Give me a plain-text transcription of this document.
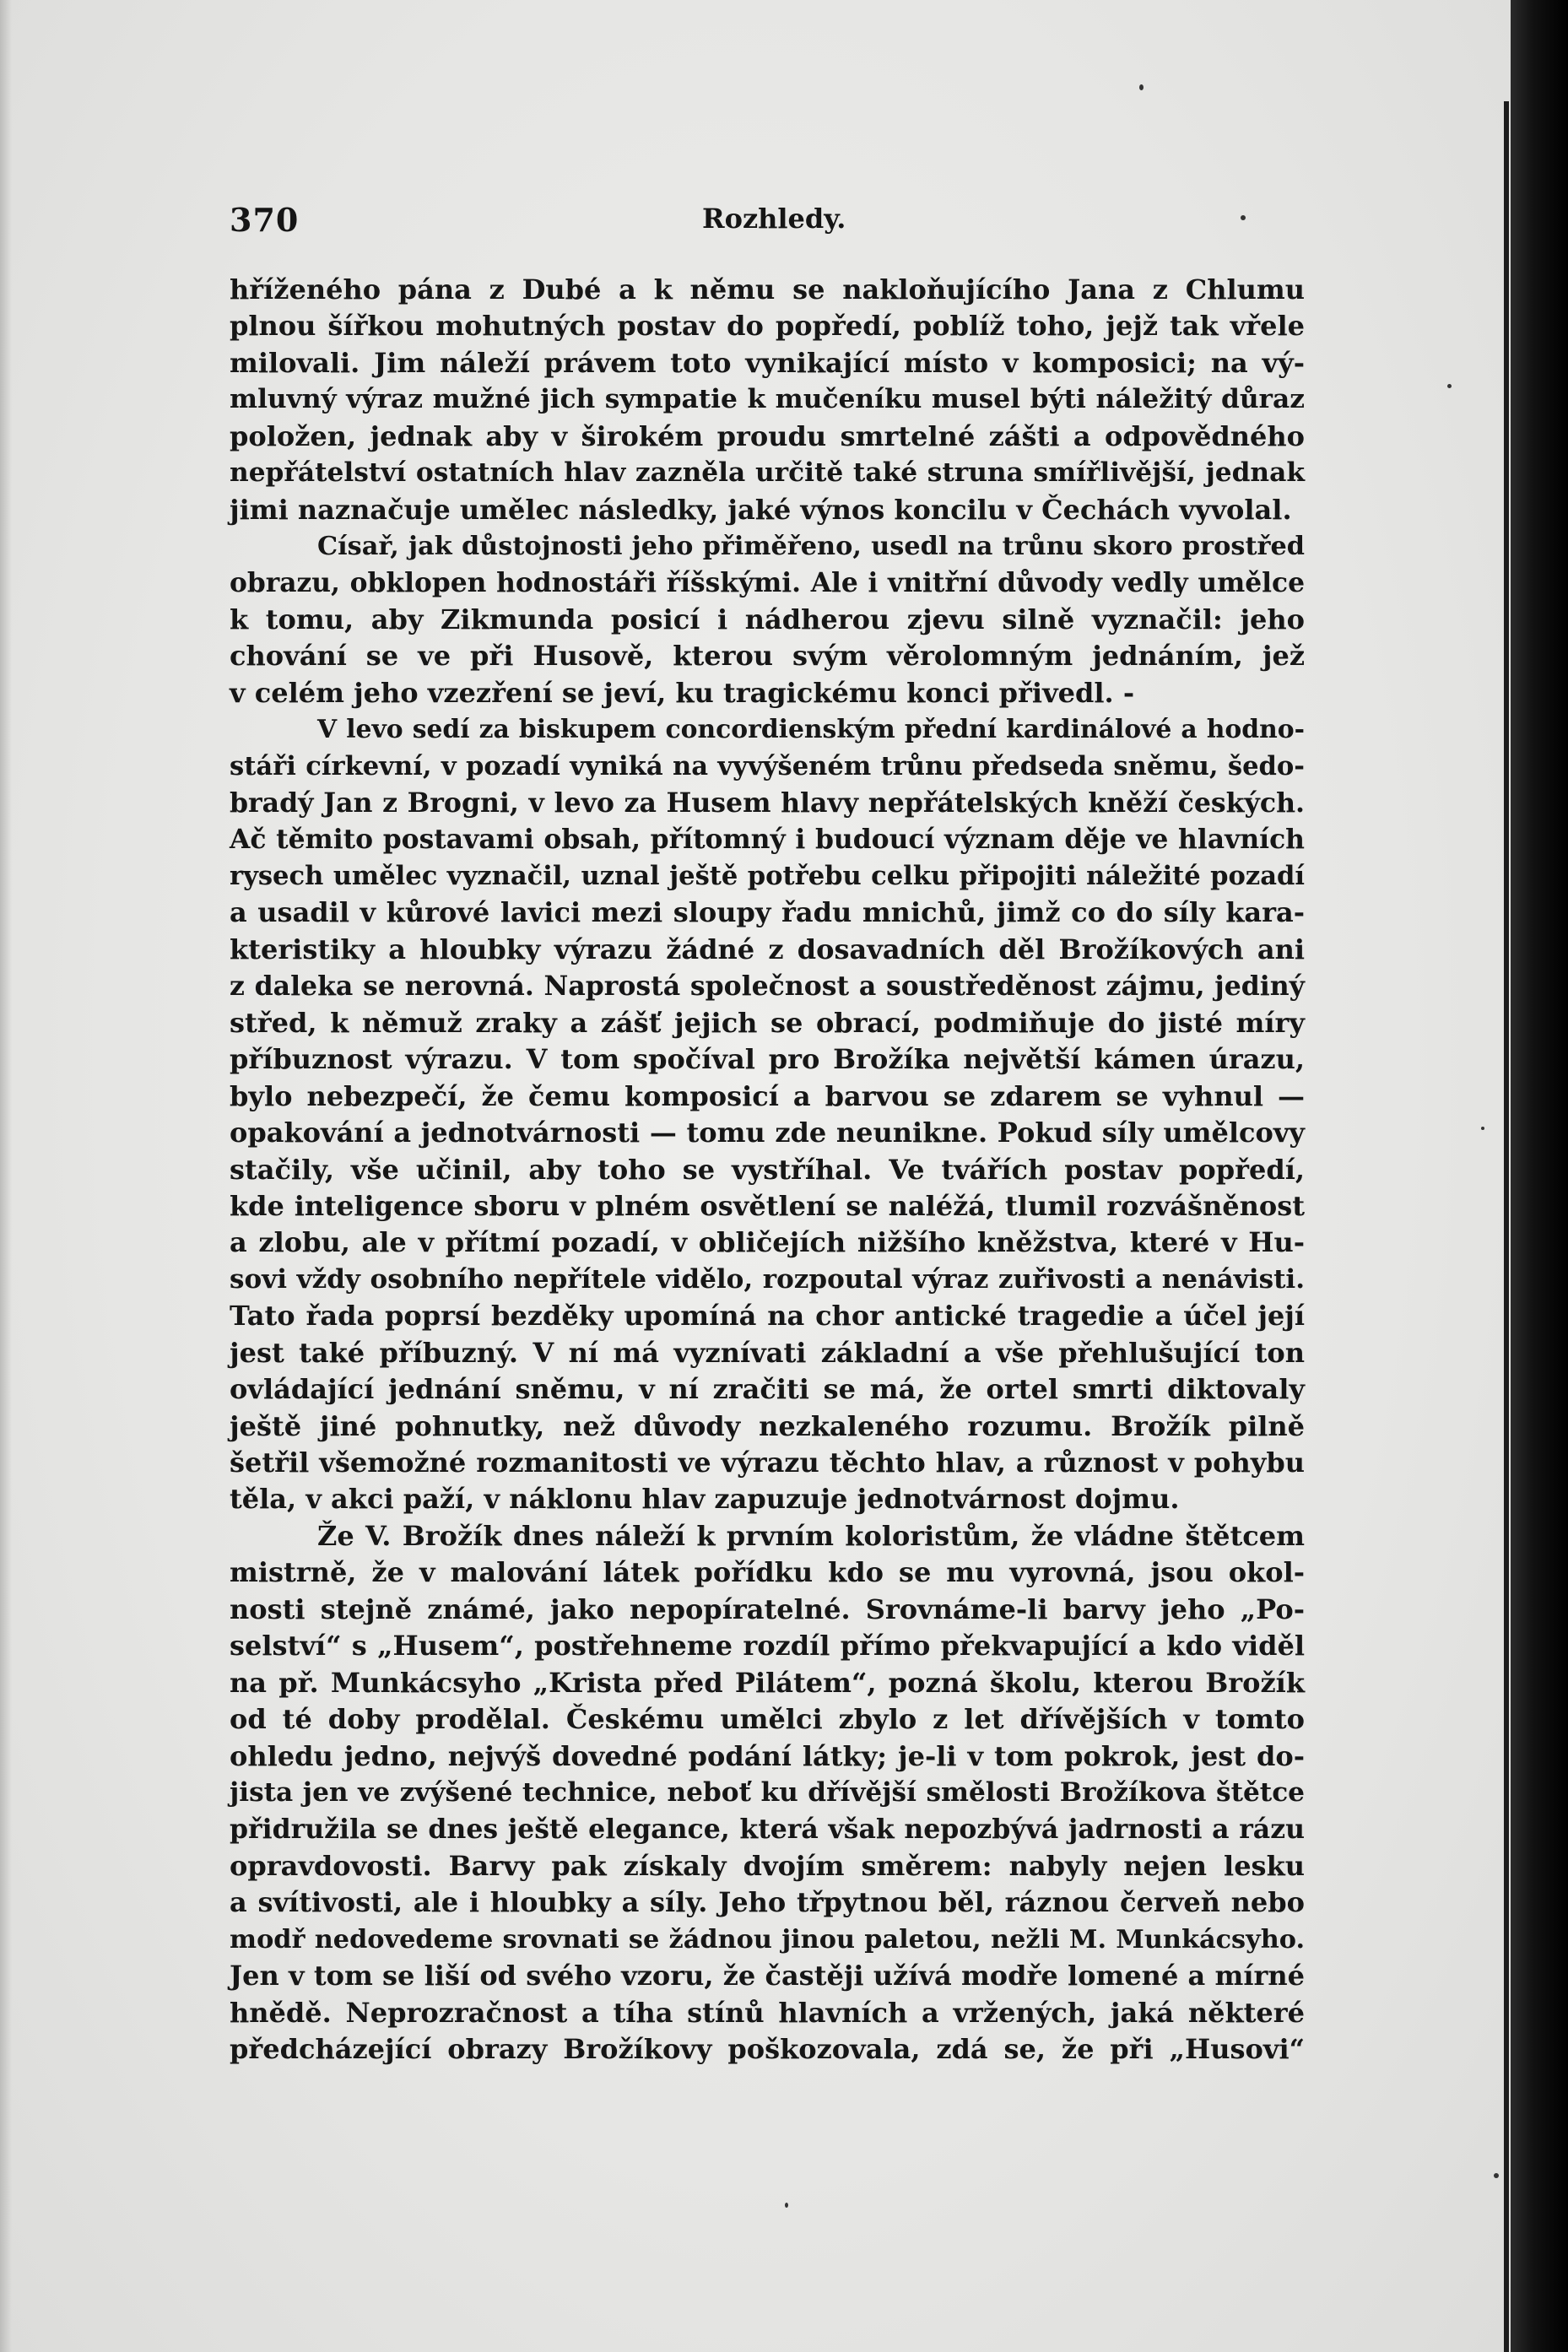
370	Rozhledy.
hříženého pána z Dubé a k němu se nakloňujícího Jana z Chlumu
plnou šířkou mohutných postav do popředí, poblíž toho, jejž tak vřele
milovali. Jim náleží právem toto vynikající místo v komposici; na vý-
mluvný výraz mužné jich sympatie k mučeníku musel býti náležitý důraz
položen, jednak aby v širokém proudu smrtelné zášti a odpovědného
nepřátelství ostatních hlav zazněla určitě také struna smířlivější, jednak
jimi naznačuje umělec následky, jaké výnos koncilu v Čechách vyvolal.
Císař, jak důstojnosti jeho přiměřeno, usedl na trůnu skoro prostřed
obrazu, obklopen hodnostáři říšskými. Ale i vnitřní důvody vedly umělce
k tomu, aby Zikmunda posicí i nádherou zjevu silně vyznačil: jeho
chování se ve při Husově, kterou svým věrolomným jednáním, jež
v celém jeho vzezření se jeví, ku tragickému konci přivedl. -
V levo sedí za biskupem concordienským přední kardinálové a hodno-
stáři církevní, v pozadí vyniká na vyvýšeném trůnu předseda sněmu, šedo-
bradý Jan z Brogni, v levo za Husem hlavy nepřátelských kněží českých.
Ač těmito postavami obsah, přítomný i budoucí význam děje ve hlavních
rysech umělec vyznačil, uznal ještě potřebu celku připojiti náležité pozadí
a usadil v kůrové lavici mezi sloupy řadu mnichů, jimž co do síly kara-
kteristiky a hloubky výrazu žádné z dosavadních děl Brožíkových ani
z daleka se nerovná. Naprostá společnost a soustředěnost zájmu, jediný
střed, k němuž zraky a zášť jejich se obrací, podmiňuje do jisté míry
příbuznost výrazu. V tom spočíval pro Brožíka největší kámen úrazu,
bylo nebezpečí, že čemu komposicí a barvou se zdarem se vyhnul —
opakování a jednotvárnosti — tomu zde neunikne. Pokud síly umělcovy
stačily, vše učinil, aby toho se vystříhal. Ve tvářích postav popředí,
kde inteligence sboru v plném osvětlení se naléžá, tlumil rozvášněnost
a zlobu, ale v přítmí pozadí, v obličejích nižšího kněžstva, které v Hu-
sovi vždy osobního nepřítele vidělo, rozpoutal výraz zuřivosti a nenávisti.
Tato řada poprsí bezděky upomíná na chor antické tragedie a účel její
jest také příbuzný. V ní má vyznívati základní a vše přehlušující ton
ovládající jednání sněmu, v ní zračiti se má, že ortel smrti diktovaly
ještě jiné pohnutky, než důvody nezkaleného rozumu. Brožík pilně
šetřil všemožné rozmanitosti ve výrazu těchto hlav, a různost v pohybu
těla, v akci paží, v náklonu hlav zapuzuje jednotvárnost dojmu.
Že V. Brožík dnes náleží k prvním koloristům, že vládne štětcem
mistrně, že v malování látek pořídku kdo se mu vyrovná, jsou okol-
nosti stejně známé, jako nepopíratelné. Srovnáme-li barvy jeho „Po-
selství“ s „Husem“, postřehneme rozdíl přímo překvapující a kdo viděl
na př. Munkácsyho „Krista před Pilátem“, pozná školu, kterou Brožík
od té doby prodělal. Českému umělci zbylo z let dřívějších v tomto
ohledu jedno, nejvýš dovedné podání látky; je-li v tom pokrok, jest do-
jista jen ve zvýšené technice, neboť ku dřívější smělosti Brožíkova štětce
přidružila se dnes ještě elegance, která však nepozbývá jadrnosti a rázu
opravdovosti. Barvy pak získaly dvojím směrem: nabyly nejen lesku
a svítivosti, ale i hloubky a síly. Jeho třpytnou běl, ráznou červeň nebo
modř nedovedeme srovnati se žádnou jinou paletou, nežli M. Munkácsyho.
Jen v tom se liší od svého vzoru, že častěji užívá modře lomené a mírné
hnědě. Neprozračnost a tíha stínů hlavních a vržených, jaká některé
předcházející obrazy Brožíkovy poškozovala, zdá se, že při „Husovi“
